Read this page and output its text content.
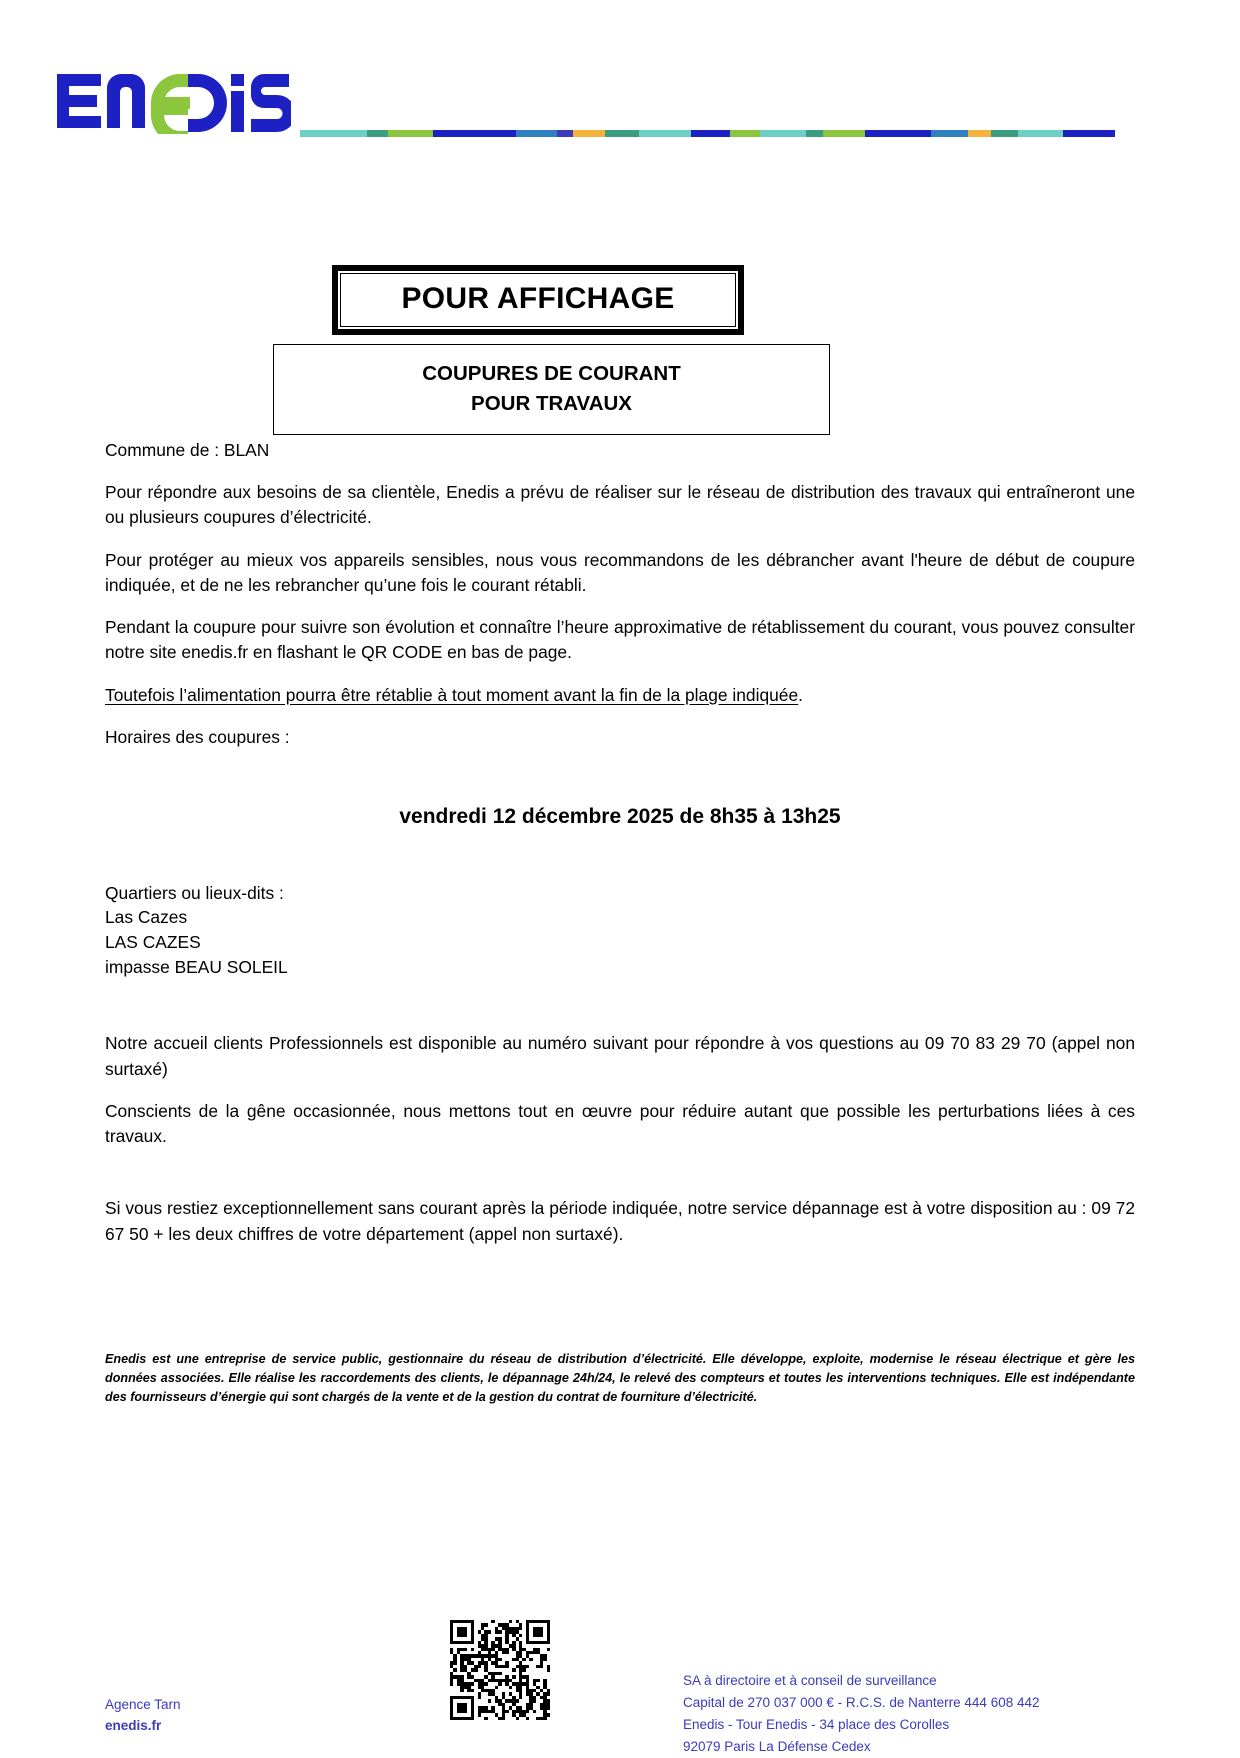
POUR AFFICHAGE
COUPURES DE COURANT
POUR TRAVAUX

Commune de : BLAN

Pour répondre aux besoins de sa clientèle, Enedis a prévu de réaliser sur le réseau de distribution des travaux qui entraîneront une ou plusieurs coupures d’électricité.

Pour protéger au mieux vos appareils sensibles, nous vous recommandons de les débrancher avant l'heure de début de coupure indiquée, et de ne les rebrancher qu’une fois le courant rétabli.

Pendant la coupure pour suivre son évolution et connaître l’heure approximative de rétablissement du courant, vous pouvez consulter notre site enedis.fr en flashant le QR CODE en bas de page.

Toutefois l’alimentation pourra être rétablie à tout moment avant la fin de la plage indiquée.

Horaires des coupures :

vendredi 12 décembre 2025 de 8h35 à 13h25
Quartiers ou lieux-dits :
Las Cazes
LAS CAZES
impasse BEAU SOLEIL

Notre accueil clients Professionnels est disponible au numéro suivant pour répondre à vos questions au 09 70 83 29 70 (appel non surtaxé)

Conscients de la gêne occasionnée, nous mettons tout en œuvre pour réduire autant que possible les perturbations liées à ces travaux.

Si vous restiez exceptionnellement sans courant après la période indiquée, notre service dépannage est à votre disposition au : 09 72 67 50 + les deux chiffres de votre département (appel non surtaxé).

Enedis est une entreprise de service public, gestionnaire du réseau de distribution d’électricité. Elle développe, exploite, modernise le réseau électrique et gère les données associées. Elle réalise les raccordements des clients, le dépannage 24h/24, le relevé des compteurs et toutes les interventions techniques. Elle est indépendante des fournisseurs d’énergie qui sont chargés de la vente et de la gestion du contrat de fourniture d’électricité.
Agence Tarn
enedis.fr
SA à directoire et à conseil de surveillance
Capital de 270 037 000 € - R.C.S. de Nanterre 444 608 442
Enedis - Tour Enedis - 34 place des Corolles
92079 Paris La Défense Cedex
